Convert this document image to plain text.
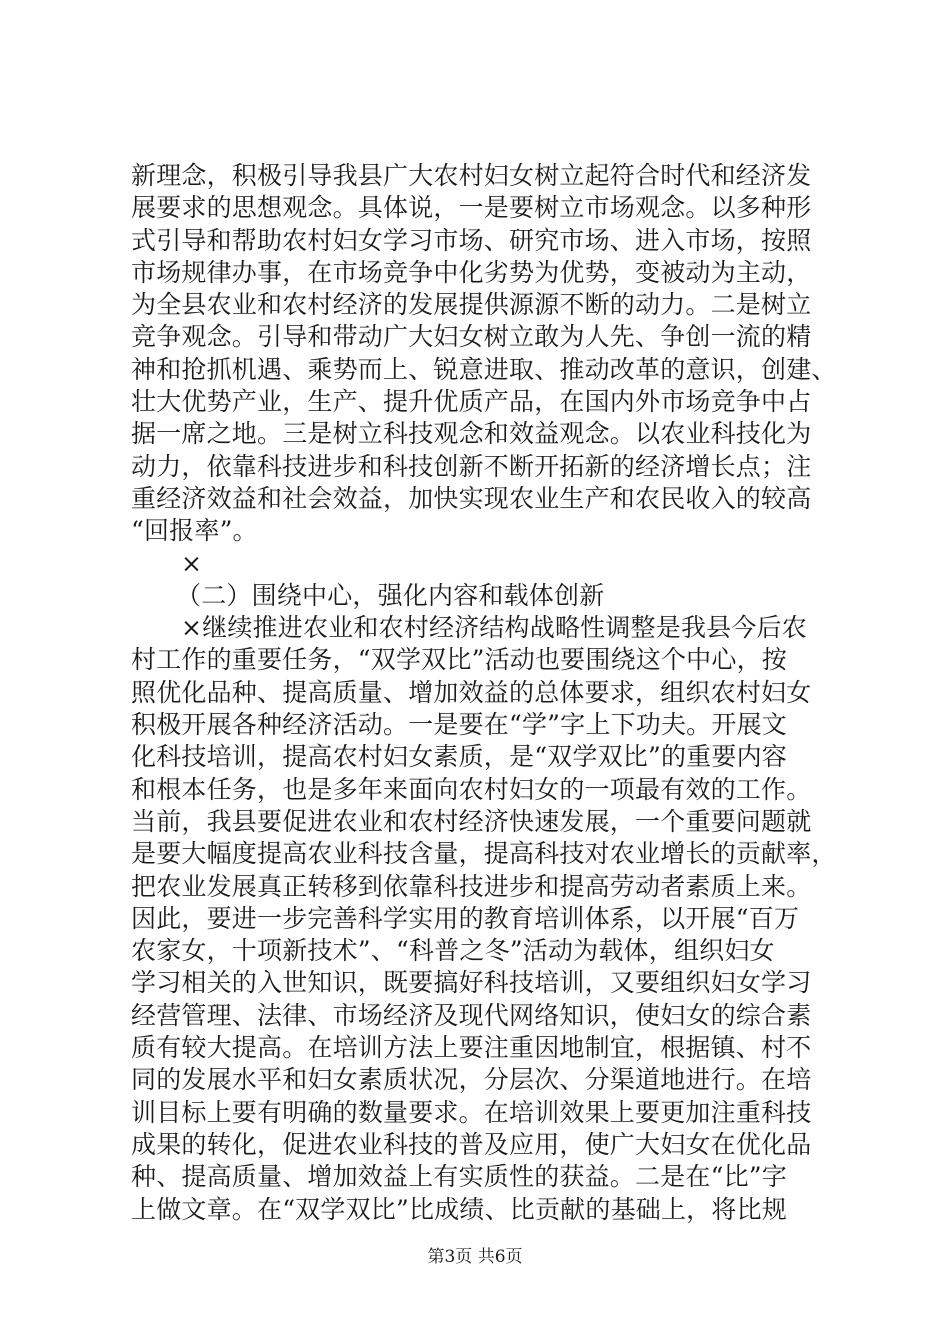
新理念，积极引导我县广大农村妇女树立起符合时代和经济发
展要求的思想观念。具体说，一是要树立市场观念。以多种形
式引导和帮助农村妇女学习市场、研究市场、进入市场，按照
市场规律办事，在市场竞争中化劣势为优势，变被动为主动，
为全县农业和农村经济的发展提供源源不断的动力。二是树立
竞争观念。引导和带动广大妇女树立敢为人先、争创一流的精
神和抢抓机遇、乘势而上、锐意进取、推动改革的意识，创建、
壮大优势产业，生产、提升优质产品，在国内外市场竞争中占
据一席之地。三是树立科技观念和效益观念。以农业科技化为
动力，依靠科技进步和科技创新不断开拓新的经济增长点；注
重经济效益和社会效益，加快实现农业生产和农民收入的较高
“回报率”。
×
（二）围绕中心，强化内容和载体创新
×继续推进农业和农村经济结构战略性调整是我县今后农
村工作的重要任务，“双学双比”活动也要围绕这个中心，按
照优化品种、提高质量、增加效益的总体要求，组织农村妇女
积极开展各种经济活动。一是要在“学”字上下功夫。开展文
化科技培训，提高农村妇女素质，是“双学双比”的重要内容
和根本任务，也是多年来面向农村妇女的一项最有效的工作。
当前，我县要促进农业和农村经济快速发展，一个重要问题就
是要大幅度提高农业科技含量，提高科技对农业增长的贡献率，
把农业发展真正转移到依靠科技进步和提高劳动者素质上来。
因此，要进一步完善科学实用的教育培训体系，以开展“百万
农家女，十项新技术”、“科普之冬”活动为载体，组织妇女
学习相关的入世知识，既要搞好科技培训，又要组织妇女学习
经营管理、法律、市场经济及现代网络知识，使妇女的综合素
质有较大提高。在培训方法上要注重因地制宜，根据镇、村不
同的发展水平和妇女素质状况，分层次、分渠道地进行。在培
训目标上要有明确的数量要求。在培训效果上要更加注重科技
成果的转化，促进农业科技的普及应用，使广大妇女在优化品
种、提高质量、增加效益上有实质性的获益。二是在“比”字
上做文章。在“双学双比”比成绩、比贡献的基础上，将比规
第3页 共6页
